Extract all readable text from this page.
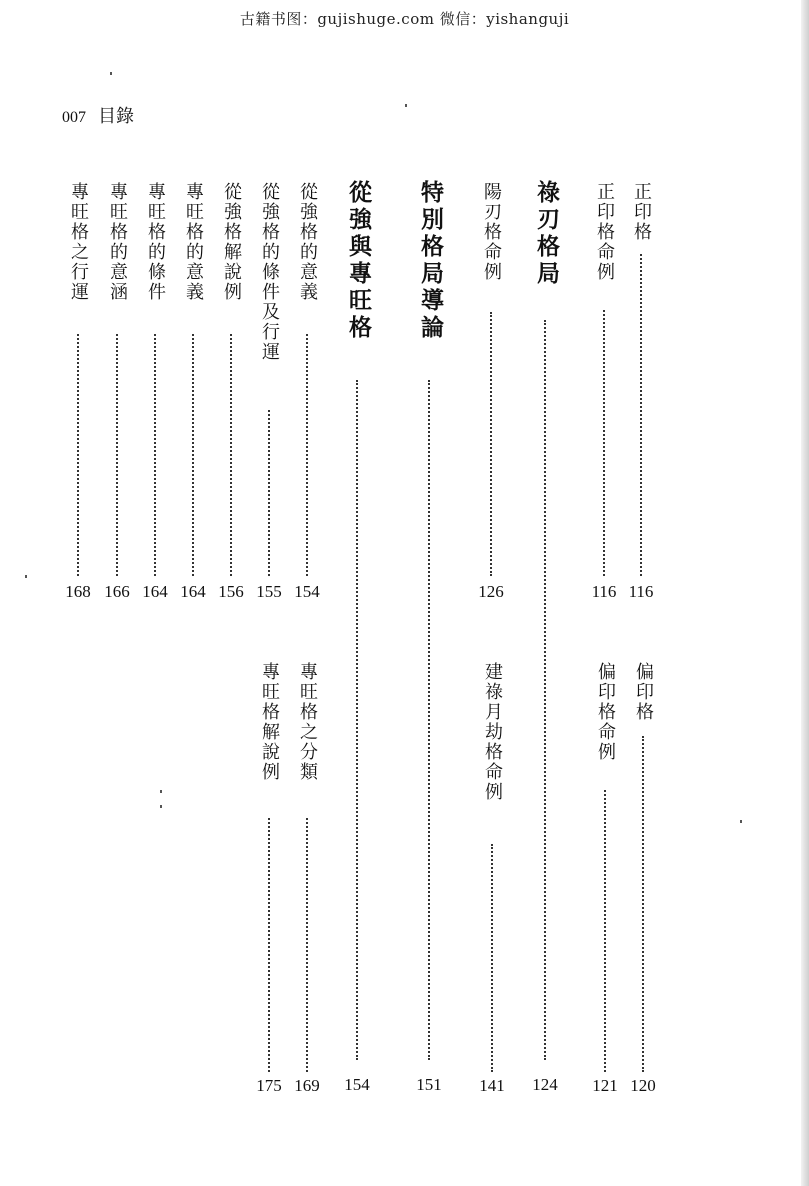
古籍书图：gujishuge.com 微信：yishanguji
007 目錄
正印格
116
正印格命例
116
祿刃格局
124
陽刃格命例
126
特別格局導論
151
從強與專旺格
154
從強格的意義
154
從強格的條件及行運
155
從強格解說例
156
專旺格的意義
164
專旺格的條件
164
專旺格的意涵
166
專旺格之行運
168
偏印格
120
偏印格命例
121
建祿月劫格命例
141
專旺格之分類
169
專旺格解說例
175
